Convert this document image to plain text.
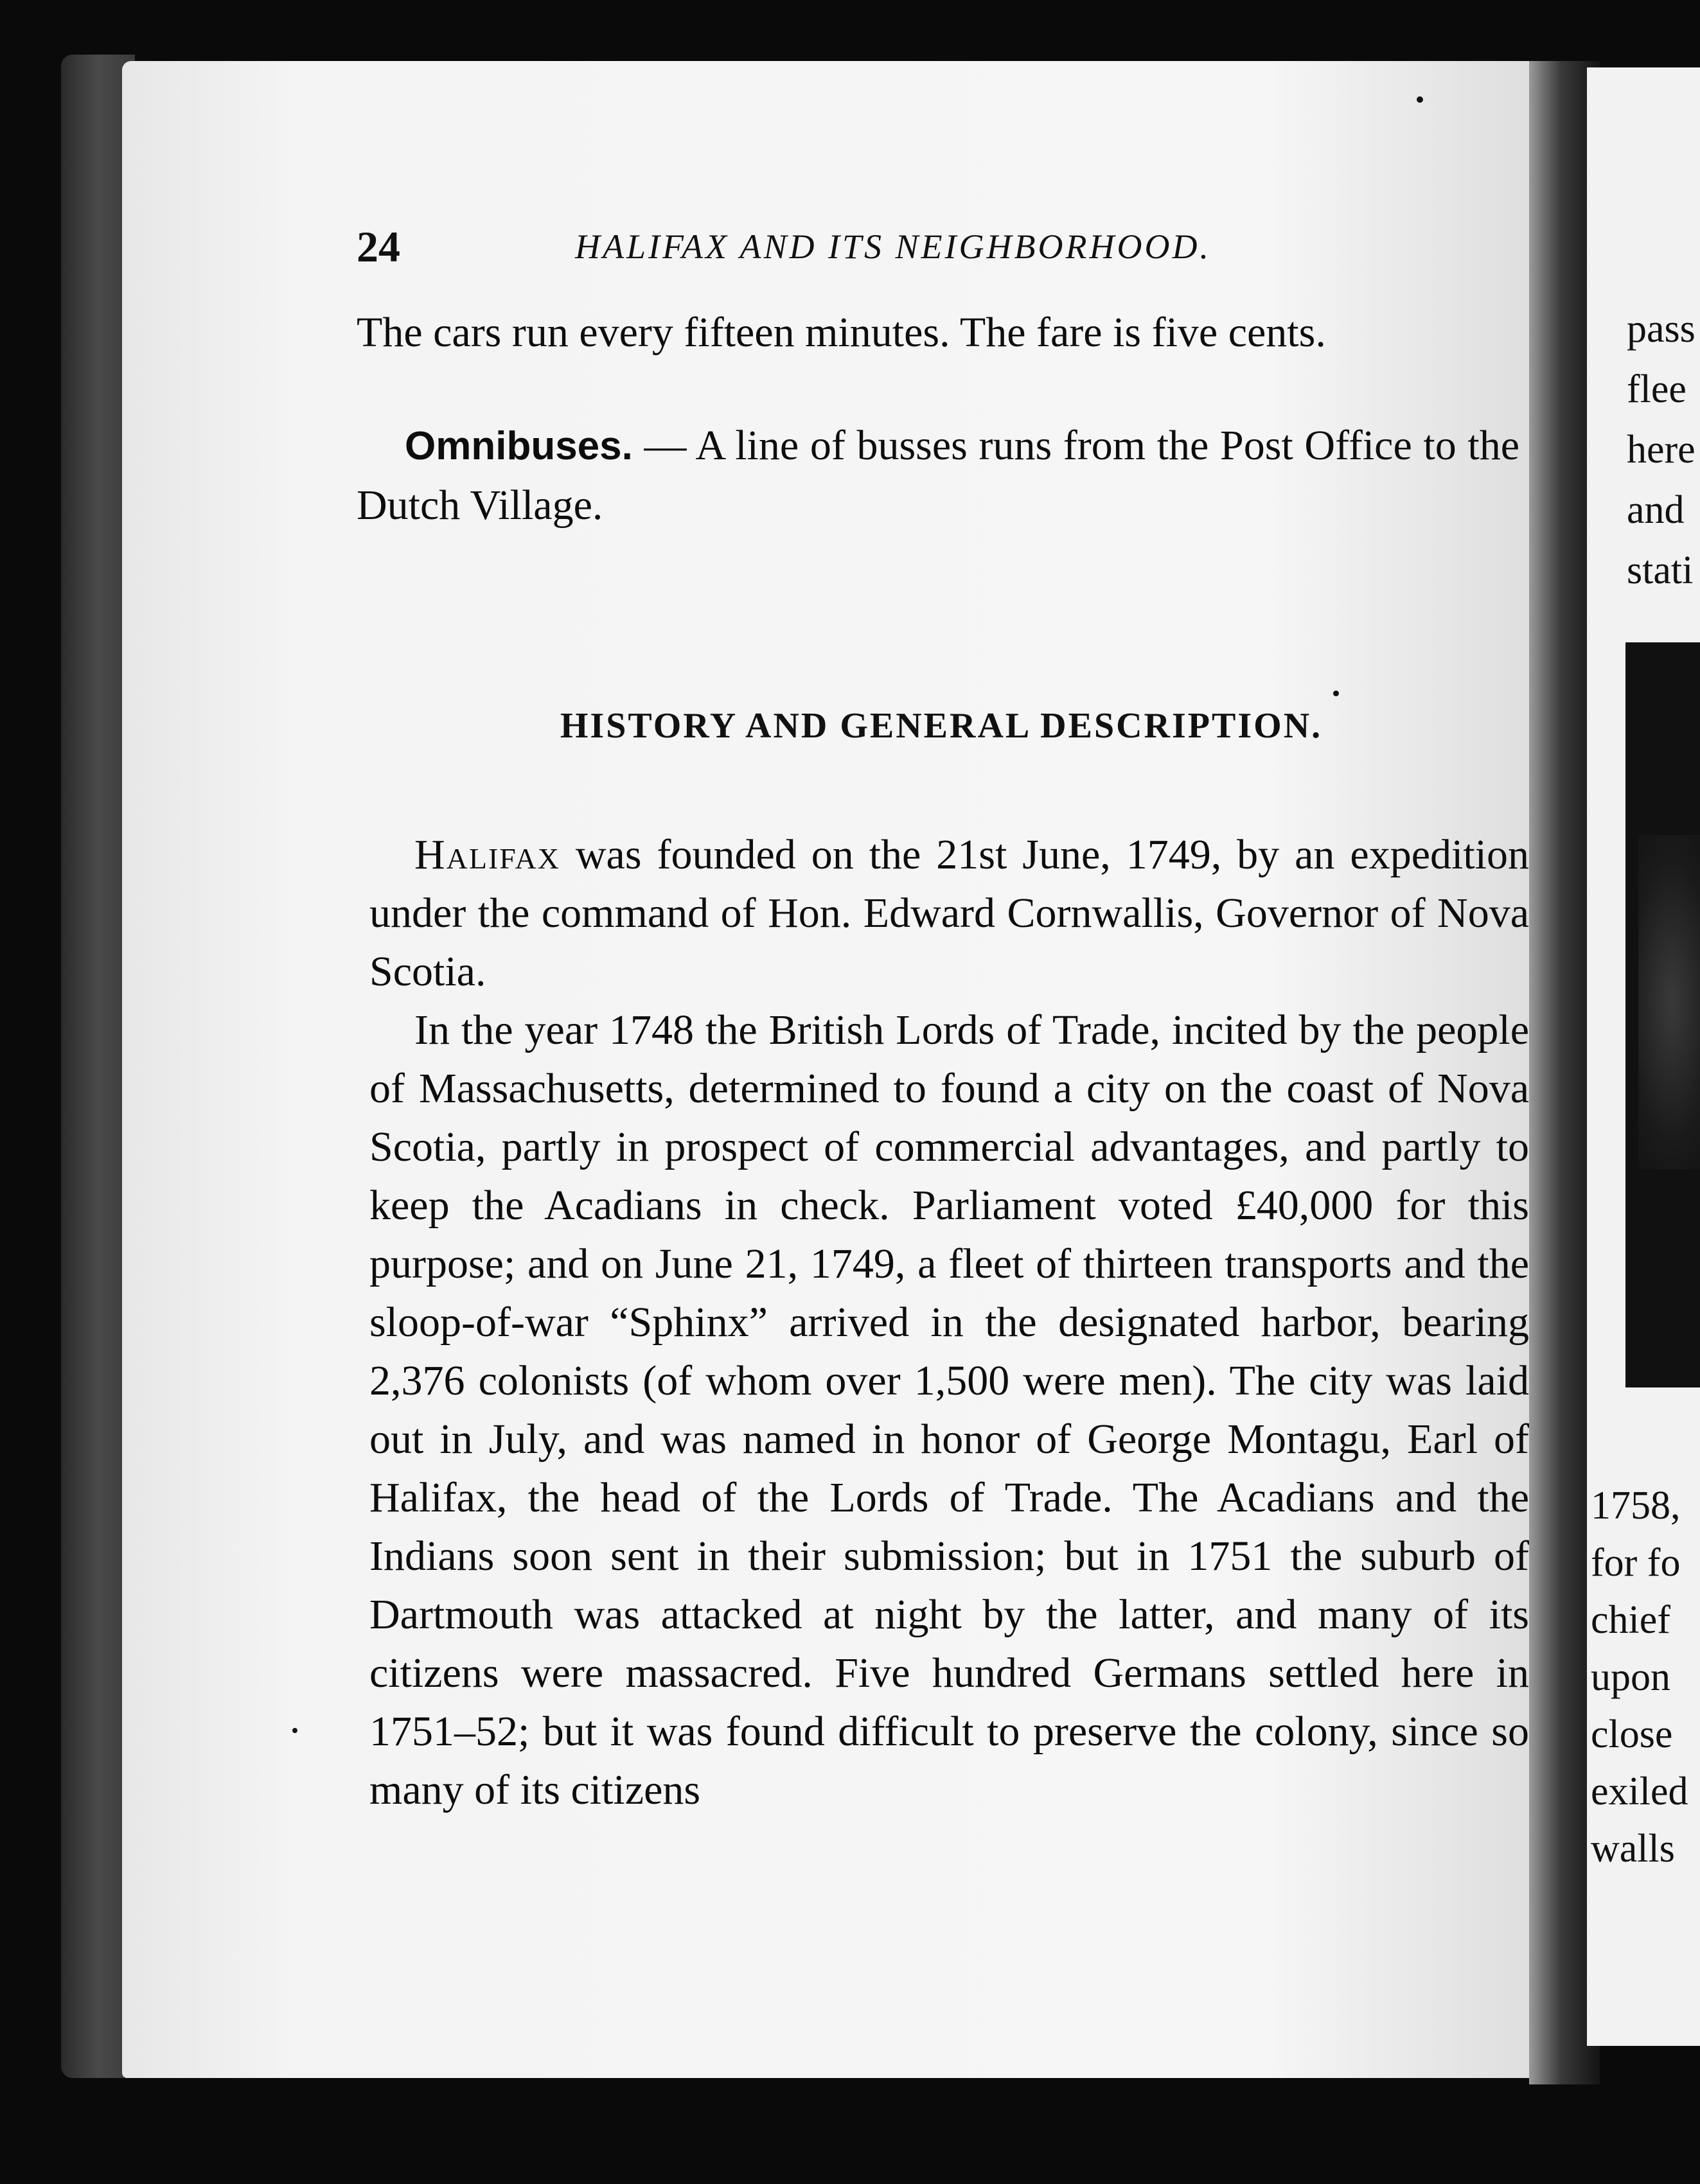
24	HALIFAX AND ITS NEIGHBORHOOD.

The cars run every fifteen minutes. The fare is five cents.

Omnibuses. — A line of busses runs from the Post Office to the Dutch Village.

HISTORY AND GENERAL DESCRIPTION.

Halifax was founded on the 21st June, 1749, by an expedition under the command of Hon. Edward Cornwallis, Governor of Nova Scotia.

In the year 1748 the British Lords of Trade, incited by the people of Massachusetts, determined to found a city on the coast of Nova Scotia, partly in prospect of commercial advantages, and partly to keep the Acadians in check. Parliament voted £40,000 for this purpose; and on June 21, 1749, a fleet of thirteen transports and the sloop-of-war “Sphinx” arrived in the designated harbor, bearing 2,376 colonists (of whom over 1,500 were men). The city was laid out in July, and was named in honor of George Montagu, Earl of Halifax, the head of the Lords of Trade. The Acadians and the Indians soon sent in their submission; but in 1751 the suburb of Dartmouth was attacked at night by the latter, and many of its citizens were massacred. Five hundred Germans settled here in 1751–52; but it was found difficult to preserve the colony, since so many of its citizens

pass
flee
here
and
stati
1758,
for fo
chief
upon
close
exiled
walls
